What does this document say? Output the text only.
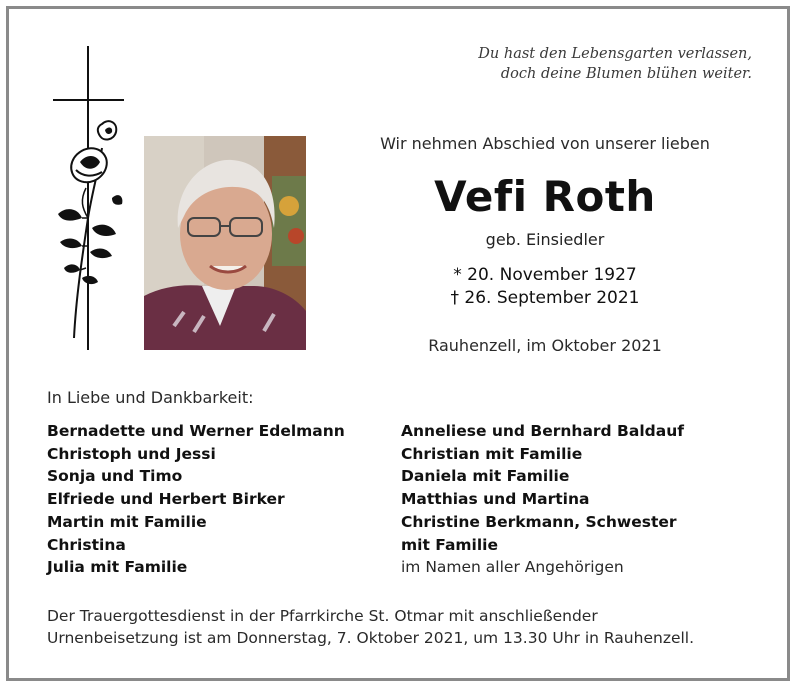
Du hast den Lebensgarten verlassen,
doch deine Blumen blühen weiter.
Wir nehmen Abschied von unserer lieben
Vefi Roth
geb. Einsiedler
* 20. November 1927
† 26. September 2021
Rauhenzell, im Oktober 2021
In Liebe und Dankbarkeit:
Bernadette und Werner Edelmann
Christoph und Jessi
Sonja und Timo
Elfriede und Herbert Birker
Martin mit Familie
Christina
Julia mit Familie
Anneliese und Bernhard Baldauf
Christian mit Familie
Daniela mit Familie
Matthias und Martina
Christine Berkmann, Schwester
mit Familie
im Namen aller Angehörigen
Der Trauergottesdienst in der Pfarrkirche St. Otmar mit anschließender
Urnenbeisetzung ist am Donnerstag, 7. Oktober 2021, um 13.30 Uhr in Rauhenzell.
